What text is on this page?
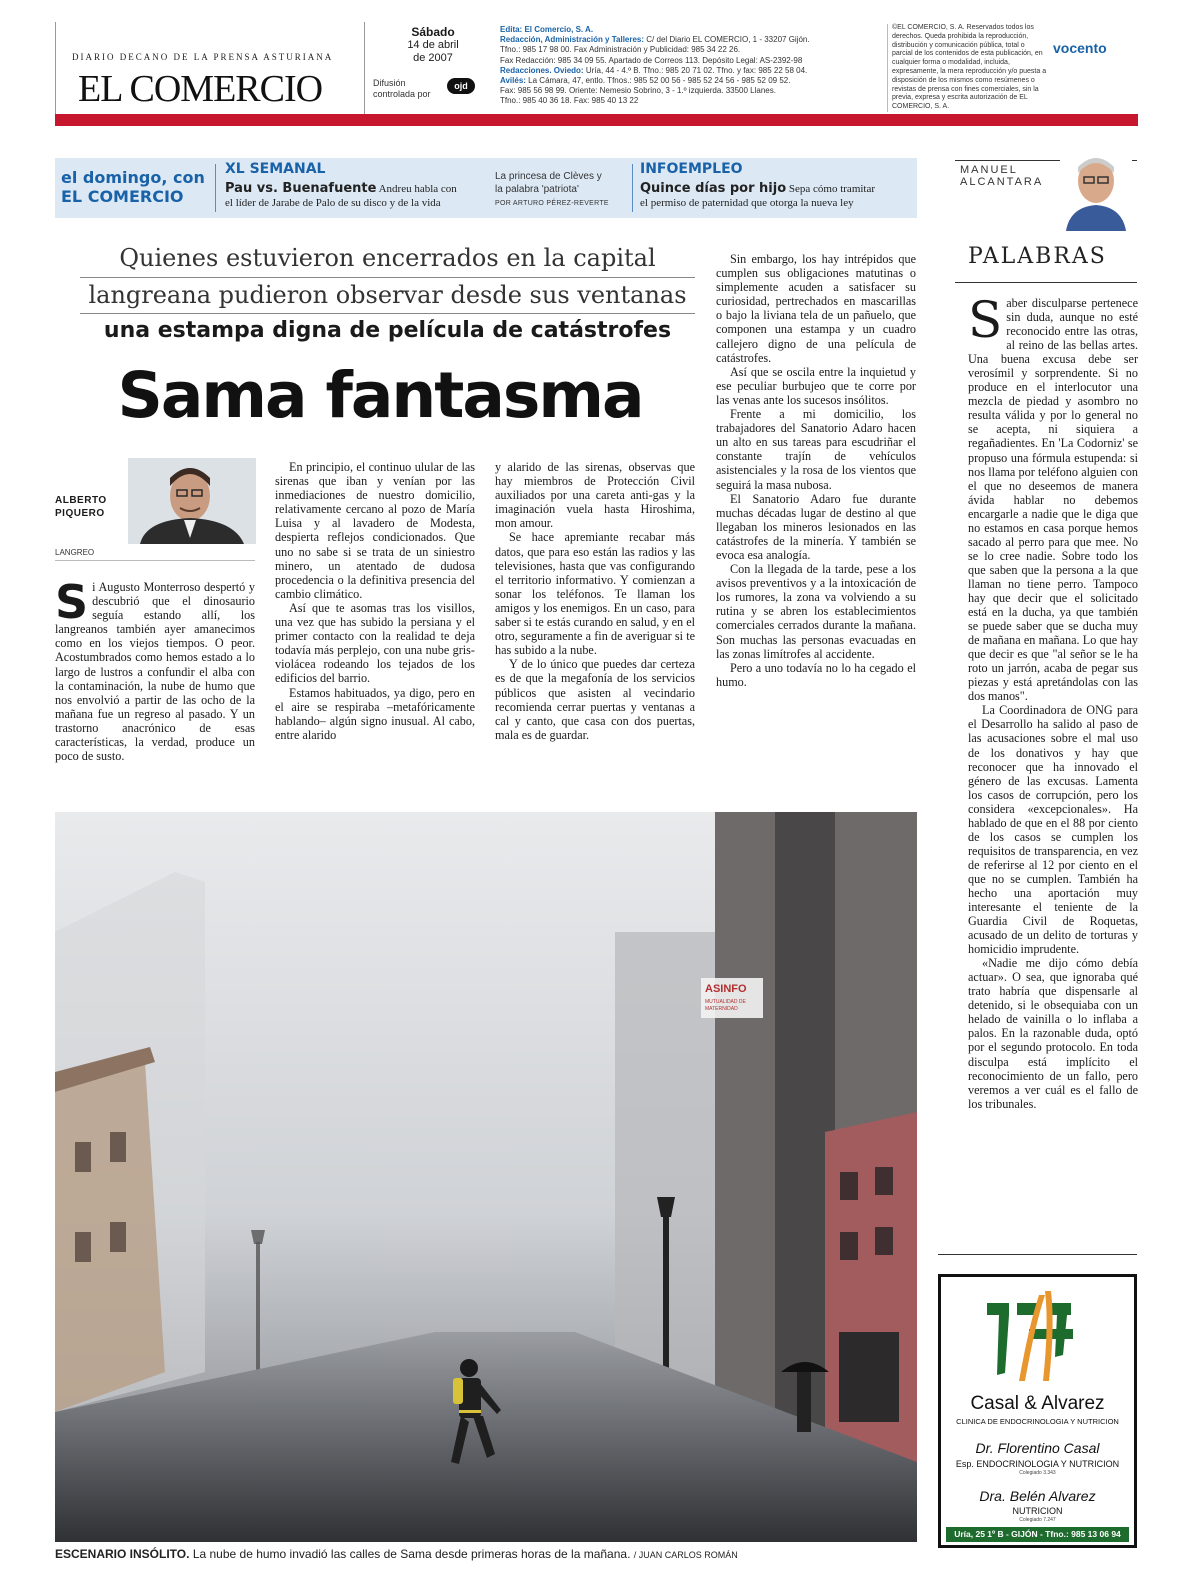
DIARIO DECANO DE LA PRENSA ASTURIANA
EL COMERCIO
Sábado
14 de abril
de 2007
Difusión
controlada por
ojd
Edita: El Comercio, S. A.
Redacción, Administración y Talleres: C/ del Diario EL COMERCIO, 1 - 33207 Gijón.
Tfno.: 985 17 98 00. Fax Administración y Publicidad: 985 34 22 26.
Fax Redacción: 985 34 09 55. Apartado de Correos 113. Depósito Legal: AS-2392-98
Redacciones. Oviedo: Uría, 44 - 4.º B. Tfno.: 985 20 71 02. Tfno. y fax: 985 22 58 04.
Avilés: La Cámara, 47, entlo. Tfnos.: 985 52 00 56 - 985 52 24 56 - 985 52 09 52.
Fax: 985 56 98 99. Oriente: Nemesio Sobrino, 3 - 1.º izquierda. 33500 Llanes.
Tfno.: 985 40 36 18. Fax: 985 40 13 22
©EL COMERCIO, S. A. Reservados todos los derechos. Queda prohibida la reproducción, distribución y comunicación pública, total o parcial de los contenidos de esta publicación, en cualquier forma o modalidad, incluida, expresamente, la mera reproducción y/o puesta a disposición de los mismos como resúmenes o revistas de prensa con fines comerciales, sin la previa, expresa y escrita autorización de EL COMERCIO, S. A.
vocento
el domingo, con
EL COMERCIO
XL SEMANAL
Pau vs. Buenafuente Andreu habla con
el líder de Jarabe de Palo de su disco y de la vida
La princesa de Clèves y
la palabra 'patriota'
POR ARTURO PÉREZ-REVERTE
INFOEMPLEO
Quince días por hijo Sepa cómo tramitar
el permiso de paternidad que otorga la nueva ley
MANUEL
ALCANTARA
PALABRAS
Quienes estuvieron encerrados en la capital
langreana pudieron observar desde sus ventanas
una estampa digna de película de catástrofes
Sama fantasma
ALBERTO
PIQUERO
LANGREO

Si Augusto Monterroso despertó y descubrió que el dinosaurio seguía estando allí, los langreanos también ayer amanecimos como en los viejos tiempos. O peor. Acostumbrados como hemos estado a lo largo de lustros a confundir el alba con la contaminación, la nube de humo que nos envolvió a partir de las ocho de la mañana fue un regreso al pasado. Y un trastorno anacrónico de esas características, la verdad, produce un poco de susto.

En principio, el continuo ulular de las sirenas que iban y venían por las inmediaciones de nuestro domicilio, relativamente cercano al pozo de María Luisa y al lavadero de Modesta, despierta reflejos condicionados. Que uno no sabe si se trata de un siniestro minero, un atentado de dudosa procedencia o la definitiva presencia del cambio climático.

Así que te asomas tras los visillos, una vez que has subido la persiana y el primer contacto con la realidad te deja todavía más perplejo, con una nube gris-violácea rodeando los tejados de los edificios del barrio.

Estamos habituados, ya digo, pero en el aire se respiraba –metafóricamente hablando– algún signo inusual. Al cabo, entre alarido

y alarido de las sirenas, observas que hay miembros de Protección Civil auxiliados por una careta anti-gas y la imaginación vuela hasta Hiroshima, mon amour.

Se hace apremiante recabar más datos, que para eso están las radios y las televisiones, hasta que vas configurando el territorio informativo. Y comienzan a sonar los teléfonos. Te llaman los amigos y los enemigos. En un caso, para saber si te estás curando en salud, y en el otro, seguramente a fin de averiguar si te has subido a la nube.

Y de lo único que puedes dar certeza es de que la megafonía de los servicios públicos que asisten al vecindario recomienda cerrar puertas y ventanas a cal y canto, que casa con dos puertas, mala es de guardar.

Sin embargo, los hay intrépidos que cumplen sus obligaciones matutinas o simplemente acuden a satisfacer su curiosidad, pertrechados en mascarillas o bajo la liviana tela de un pañuelo, que componen una estampa y un cuadro callejero digno de una película de catástrofes.

Así que se oscila entre la inquietud y ese peculiar burbujeo que te corre por las venas ante los sucesos insólitos.

Frente a mi domicilio, los trabajadores del Sanatorio Adaro hacen un alto en sus tareas para escudriñar el constante trajín de vehículos asistenciales y la rosa de los vientos que seguirá la masa nubosa.

El Sanatorio Adaro fue durante muchas décadas lugar de destino al que llegaban los mineros lesionados en las catástrofes de la minería. Y también se evoca esa analogía.

Con la llegada de la tarde, pese a los avisos preventivos y a la intoxicación de los rumores, la zona va volviendo a su rutina y se abren los establecimientos comerciales cerrados durante la mañana. Son muchas las personas evacuadas en las zonas limítrofes al accidente.

Pero a uno todavía no lo ha cegado el humo.

ASINFO
MUTUALIDAD DE
MATERNIDAD
ESCENARIO INSÓLITO. La nube de humo invadió las calles de Sama desde primeras horas de la mañana. / JUAN CARLOS ROMÁN

Saber disculparse pertenece sin duda, aunque no esté reconocido entre las otras, al reino de las bellas artes. Una buena excusa debe ser verosímil y sorprendente. Si no produce en el interlocutor una mezcla de piedad y asombro no resulta válida y por lo general no se acepta, ni siquiera a regañadientes. En 'La Codorniz' se propuso una fórmula estupenda: si nos llama por teléfono alguien con el que no deseemos de manera ávida hablar no debemos encargarle a nadie que le diga que no estamos en casa porque hemos sacado al perro para que mee. No se lo cree nadie. Sobre todo los que saben que la persona a la que llaman no tiene perro. Tampoco hay que decir que el solicitado está en la ducha, ya que también se puede saber que se ducha muy de mañana en mañana. Lo que hay que decir es que "al señor se le ha roto un jarrón, acaba de pegar sus piezas y está apretándolas con las dos manos".

La Coordinadora de ONG para el Desarrollo ha salido al paso de las acusaciones sobre el mal uso de los donativos y hay que reconocer que ha innovado el género de las excusas. Lamenta los casos de corrupción, pero los considera «excepcionales». Ha hablado de que en el 88 por ciento de los casos se cumplen los requisitos de transparencia, en vez de referirse al 12 por ciento en el que no se cumplen. También ha hecho una aportación muy interesante el teniente de la Guardia Civil de Roquetas, acusado de un delito de torturas y homicidio imprudente.

«Nadie me dijo cómo debía actuar». O sea, que ignoraba qué trato habría que dispensarle al detenido, si le obsequiaba con un helado de vainilla o lo inflaba a palos. En la razonable duda, optó por el segundo protocolo. En toda disculpa está implícito el reconocimiento de un fallo, pero veremos a ver cuál es el fallo de los tribunales.

Casal & Alvarez
CLINICA DE ENDOCRINOLOGIA Y NUTRICION
Dr. Florentino Casal
Esp. ENDOCRINOLOGIA Y NUTRICION
Colegiado 3.343
Dra. Belén Alvarez
NUTRICION
Colegiado 7.247
Uría, 25 1º B - GIJÓN - Tfno.: 985 13 06 94
